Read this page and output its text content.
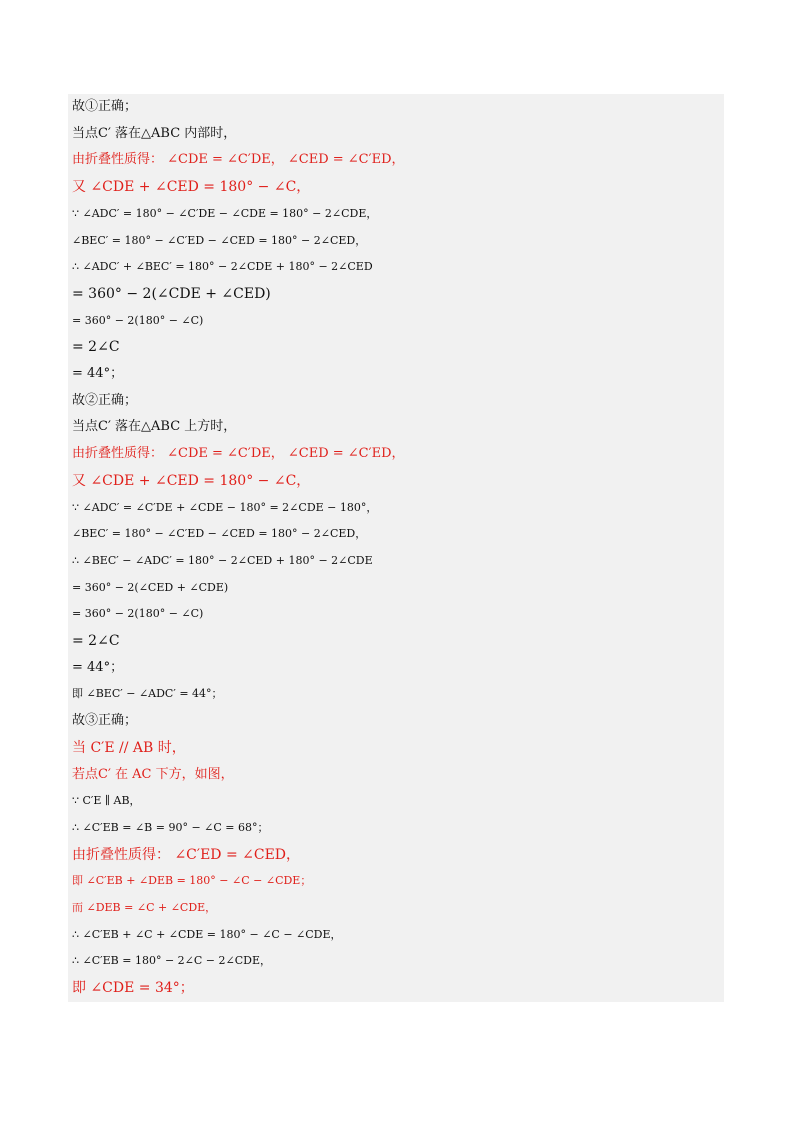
故①正确；
当点C′ 落在△ABC 内部时，
由折叠性质得： ∠CDE = ∠C′DE， ∠CED = ∠C′ED，
又 ∠CDE + ∠CED = 180° − ∠C，
∵ ∠ADC′ = 180° − ∠C′DE − ∠CDE = 180° − 2∠CDE，
∠BEC′ = 180° − ∠C′ED − ∠CED = 180° − 2∠CED，
∴ ∠ADC′ + ∠BEC′ = 180° − 2∠CDE + 180° − 2∠CED
= 360° − 2(∠CDE + ∠CED)
= 360° − 2(180° − ∠C)
= 2∠C
= 44°；
故②正确；
当点C′ 落在△ABC 上方时，
由折叠性质得： ∠CDE = ∠C′DE， ∠CED = ∠C′ED，
又 ∠CDE + ∠CED = 180° − ∠C，
∵ ∠ADC′ = ∠C′DE + ∠CDE − 180° = 2∠CDE − 180°，
∠BEC′ = 180° − ∠C′ED − ∠CED = 180° − 2∠CED，
∴ ∠BEC′ − ∠ADC′ = 180° − 2∠CED + 180° − 2∠CDE
= 360° − 2(∠CED + ∠CDE)
= 360° − 2(180° − ∠C)
= 2∠C
= 44°；
即 ∠BEC′ − ∠ADC′ = 44°；
故③正确；
当 C′E // AB 时，
若点C′ 在 AC 下方，如图，
∵ C′E ∥ AB，
∴ ∠C′EB = ∠B = 90° − ∠C = 68°；
由折叠性质得： ∠C′ED = ∠CED，
即 ∠C′EB + ∠DEB = 180° − ∠C − ∠CDE；
而 ∠DEB = ∠C + ∠CDE，
∴ ∠C′EB + ∠C + ∠CDE = 180° − ∠C − ∠CDE，
∴ ∠C′EB = 180° − 2∠C − 2∠CDE，
即 ∠CDE = 34°；
